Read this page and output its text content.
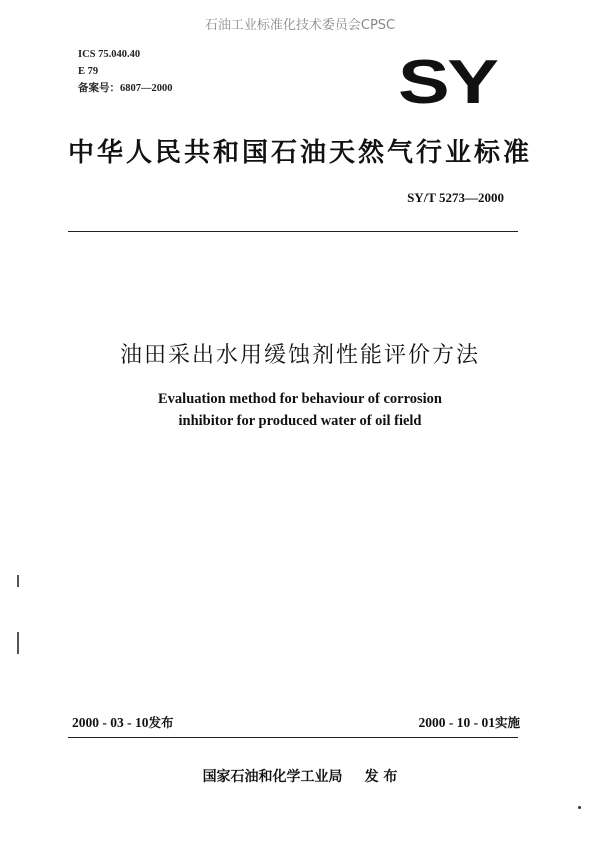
石油工业标准化技术委员会CPSC
ICS 75.040.40
E 79
备案号：6807—2000	SY
中华人民共和国石油天然气行业标准
SY/T 5273—2000
油田采出水用缓蚀剂性能评价方法
Evaluation method for behaviour of corrosion
inhibitor for produced water of oil field
2000 - 03 - 10发布	2000 - 10 - 01实施
国家石油和化学工业局 发 布
